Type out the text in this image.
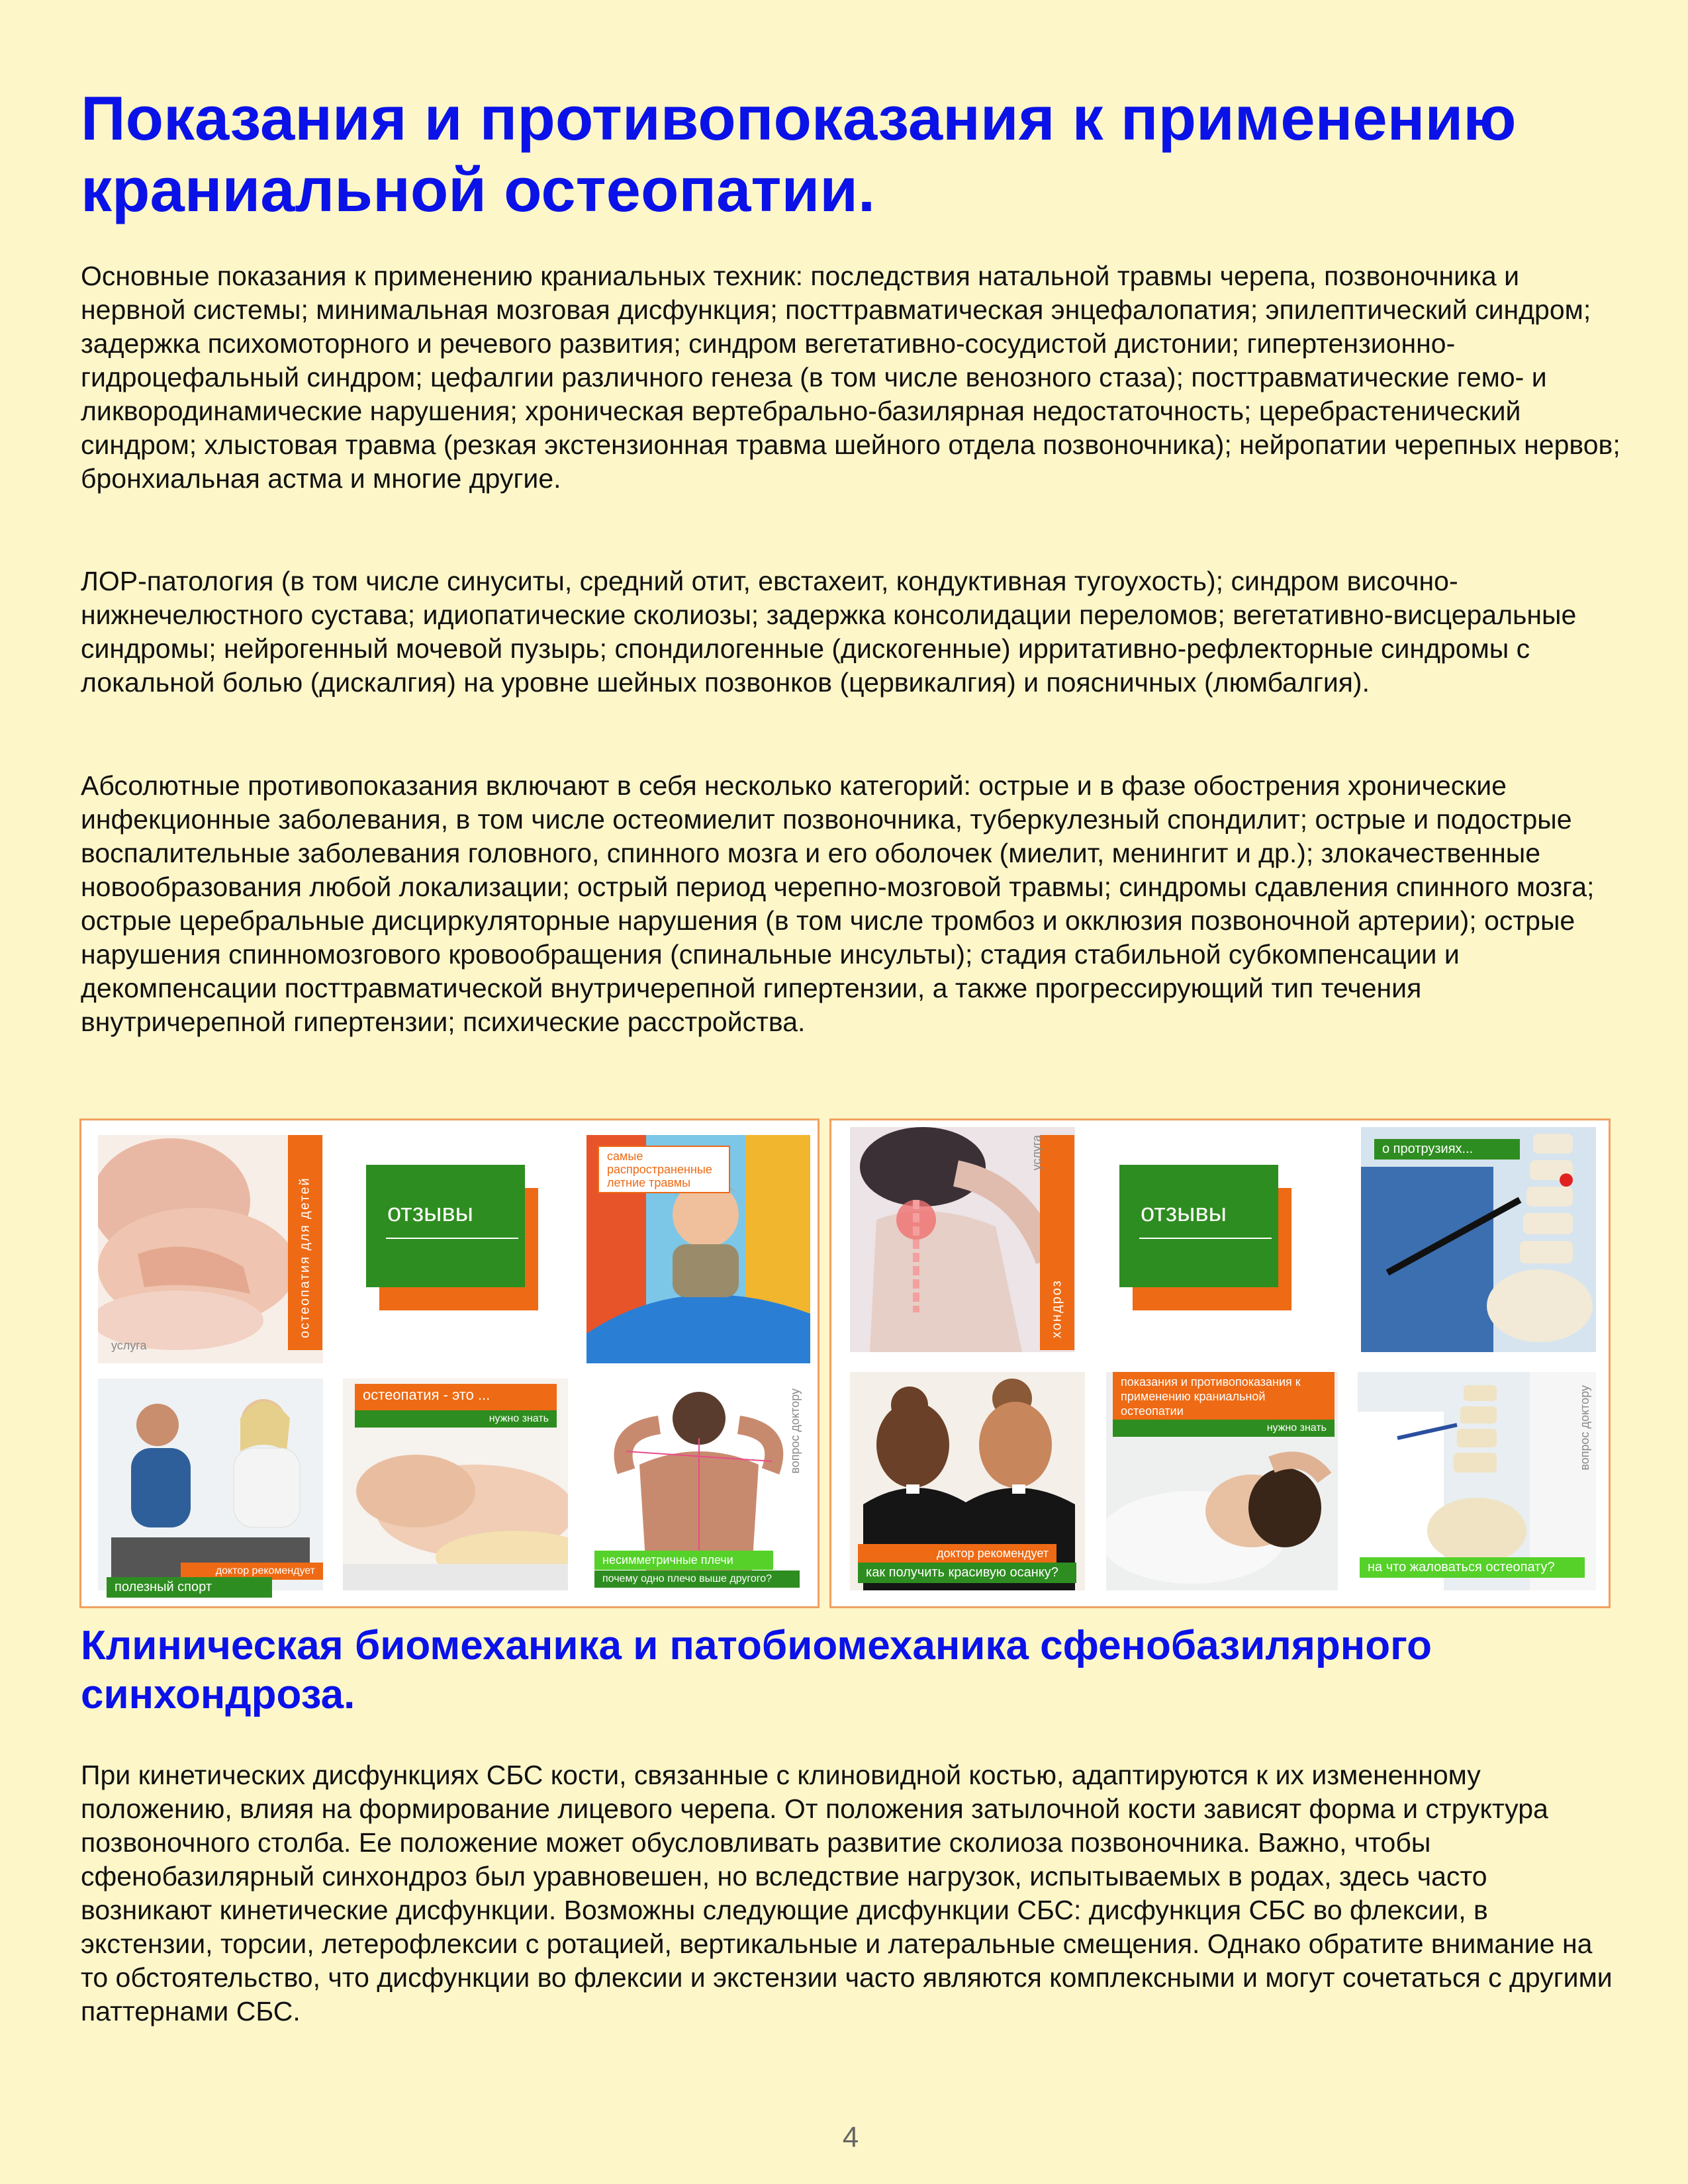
Показания и противопоказания к применению краниальной остеопатии.

Основные показания к применению краниальных техник: последствия натальной травмы черепа, позвоночника и нервной системы; минимальная мозговая дисфункция; посттравматическая энцефалопатия; эпилептический синдром; задержка психомоторного и речевого развития; синдром вегетативно-сосудистой дистонии; гипертензионно-гидроцефальный синдром; цефалгии различного генеза (в том числе венозного стаза); посттравматические гемо- и ликвородинамические нарушения; хроническая вертебрально-базилярная недостаточность; церебрастенический синдром; хлыстовая травма (резкая экстензионная травма шейного отдела позвоночника); нейропатии черепных нервов; бронхиальная астма и многие другие.

ЛОР-патология (в том числе синуситы, средний отит, евстахеит, кондуктивная тугоухость); синдром височно-нижнечелюстного сустава; идиопатические сколиозы; задержка консолидации переломов; вегетативно-висцеральные синдромы; нейрогенный мочевой пузырь; спондилогенные (дискогенные) ирритативно-рефлекторные синдромы с локальной болью (дискалгия) на уровне шейных позвонков (цервикалгия) и поясничных (люмбалгия).

Абсолютные противопоказания включают в себя несколько категорий: острые и в фазе обострения хронические инфекционные заболевания, в том числе остеомиелит позвоночника, туберкулезный спондилит; острые и подострые воспалительные заболевания головного, спинного мозга и его оболочек (миелит, менингит и др.); злокачественные новообразования любой локализации; острый период черепно-мозговой травмы; синдромы сдавления спинного мозга; острые церебральные дисциркуляторные нарушения (в том числе тромбоз и окклюзия позвоночной артерии); острые нарушения спинномозгового кровообращения (спинальные инсульты); стадия стабильной субкомпенсации и декомпенсации посттравматической внутричерепной гипертензии, а также прогрессирующий тип течения внутричерепной гипертензии; психические расстройства.

остеопатия для детей
услуга
отзывы
самые распространенные летние травмы
доктор рекомендует
полезный спорт
остеопатия - это ...
нужно знать	вопрос доктору
несимметричные плечи
почему одно плечо выше другого?
хондроз
услуга
отзывы
о протрузиях...
доктор рекомендует
как получить красивую осанку?
показания и противопоказания к применению краниальной остеопатии
нужно знать	вопрос доктору
на что жаловаться остеопату?
Клиническая биомеханика и патобиомеханика сфенобазилярного синхондроза.

При кинетических дисфункциях СБС кости, связанные с клиновидной костью, адаптируются к их измененному положению, влияя на формирование лицевого черепа. От положения затылочной кости зависят форма и структура позвоночного столба. Ее положение может обусловливать развитие сколиоза позвоночника. Важно, чтобы сфенобазилярный синхондроз был уравновешен, но вследствие нагрузок, испытываемых в родах, здесь часто возникают кинетические дисфункции. Возможны следующие дисфункции СБС: дисфункция СБС во флексии, в экстензии, торсии, летерофлексии с ротацией, вертикальные и латеральные смещения. Однако обратите внимание на то обстоятельство, что дисфункции во флексии и экстензии часто являются комплексными и могут сочетаться с другими паттернами СБС.

4
